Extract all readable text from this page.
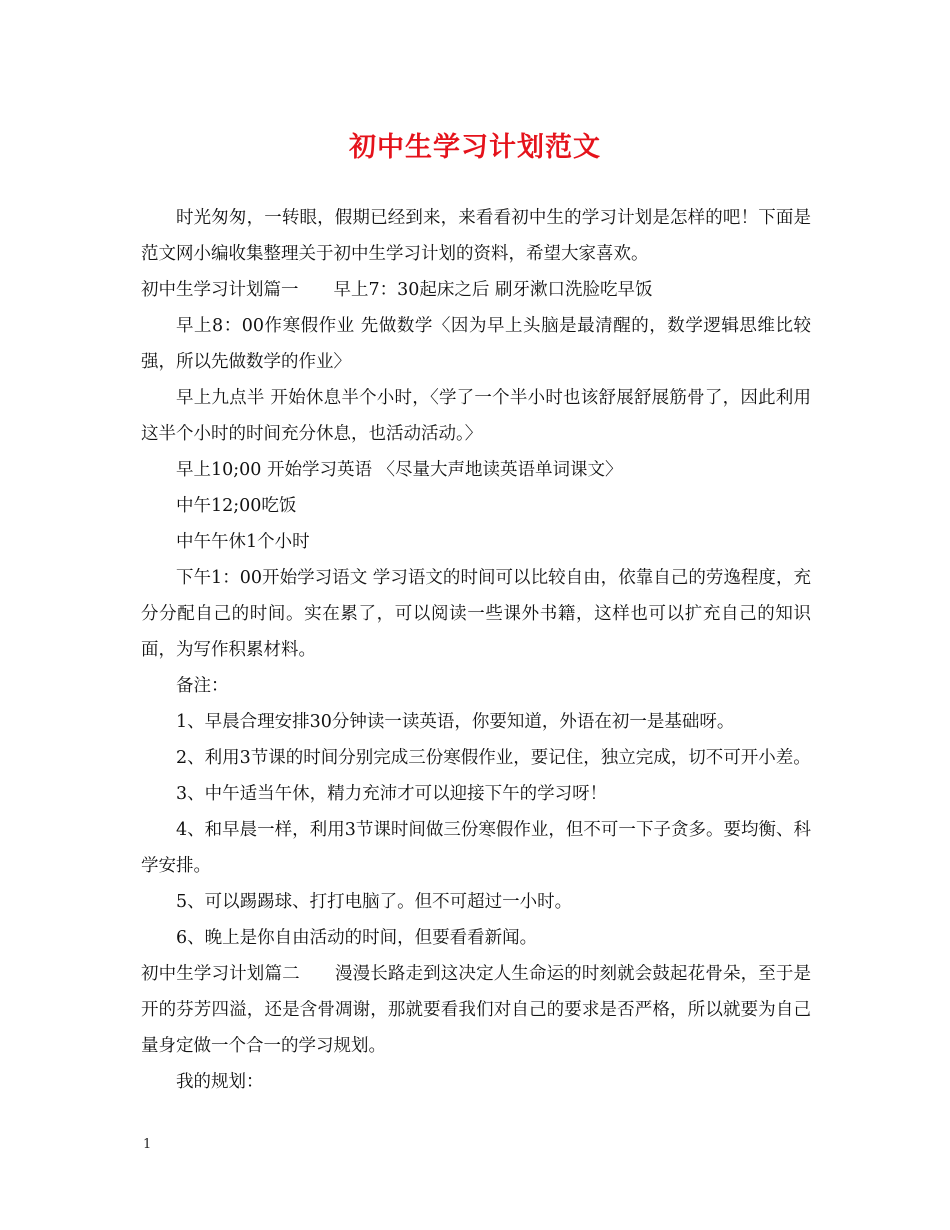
初中生学习计划范文

时光匆匆，一转眼，假期已经到来，来看看初中生的学习计划是怎样的吧！下面是范文网小编收集整理关于初中生学习计划的资料，希望大家喜欢。

初中生学习计划篇一　　早上7：30起床之后 刷牙漱口洗脸吃早饭

早上8：00作寒假作业 先做数学〈因为早上头脑是最清醒的，数学逻辑思维比较强，所以先做数学的作业〉

早上九点半 开始休息半个小时，〈学了一个半小时也该舒展舒展筋骨了，因此利用这半个小时的时间充分休息，也活动活动。〉

早上10;00 开始学习英语 〈尽量大声地读英语单词课文〉

中午12;00吃饭

中午午休1个小时

下午1：00开始学习语文 学习语文的时间可以比较自由，依靠自己的劳逸程度，充分分配自己的时间。实在累了，可以阅读一些课外书籍，这样也可以扩充自己的知识面，为写作积累材料。

备注：

1、早晨合理安排30分钟读一读英语，你要知道，外语在初一是基础呀。

2、利用3节课的时间分别完成三份寒假作业，要记住，独立完成，切不可开小差。

3、中午适当午休，精力充沛才可以迎接下午的学习呀！

4、和早晨一样，利用3节课时间做三份寒假作业，但不可一下子贪多。要均衡、科学安排。

5、可以踢踢球、打打电脑了。但不可超过一小时。

6、晚上是你自由活动的时间，但要看看新闻。

初中生学习计划篇二　　漫漫长路走到这决定人生命运的时刻就会鼓起花骨朵，至于是开的芬芳四溢，还是含骨凋谢，那就要看我们对自己的要求是否严格，所以就要为自己量身定做一个合一的学习规划。

我的规划：

1
